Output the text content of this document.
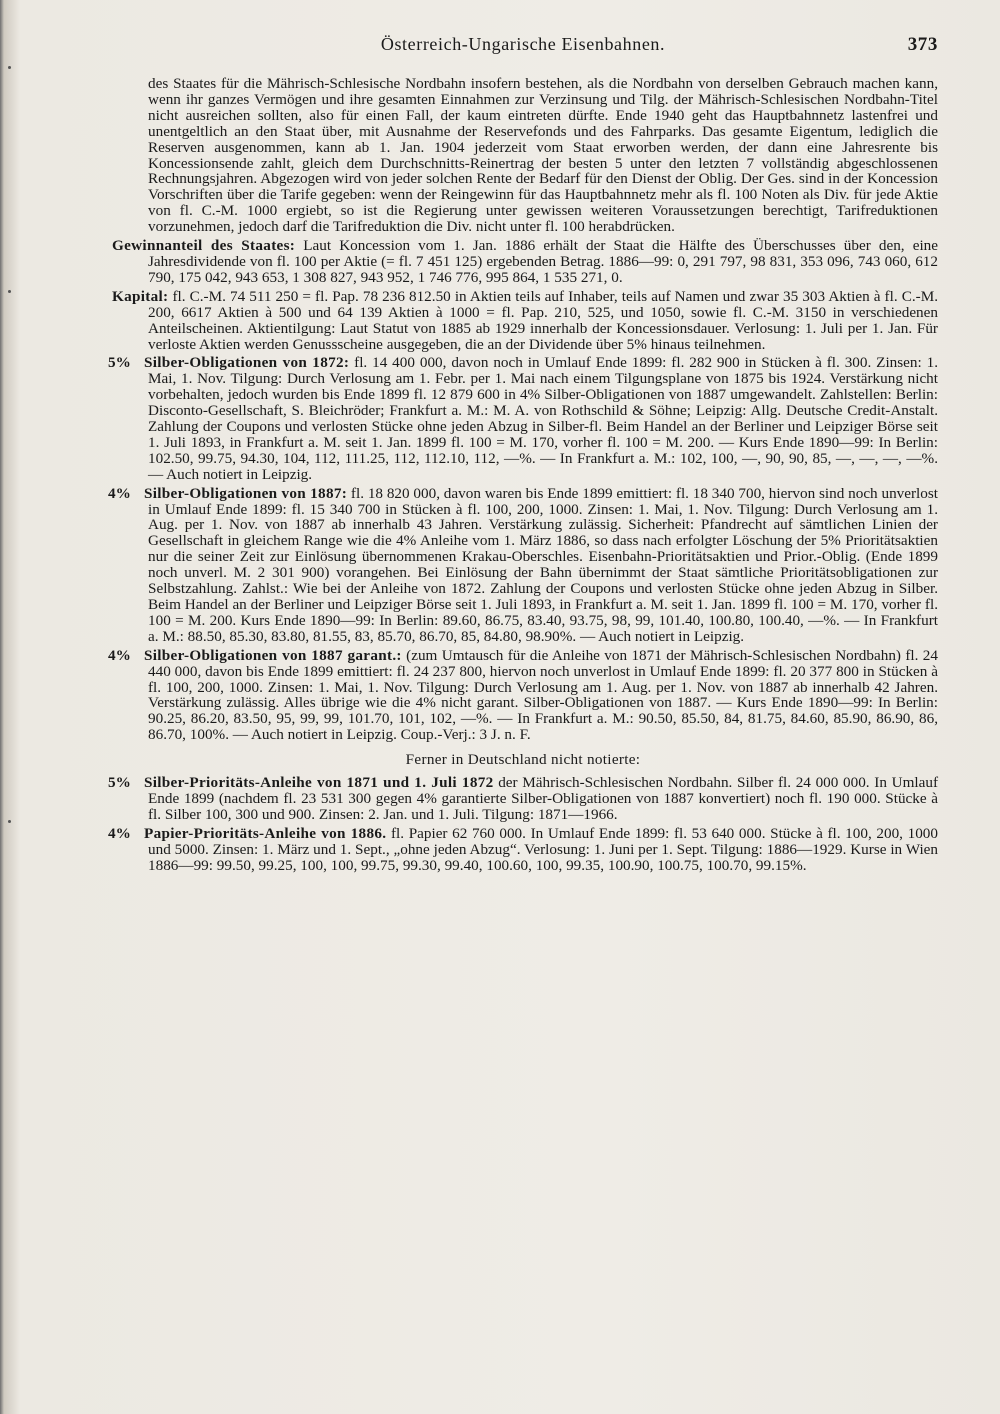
Österreich-Ungarische Eisenbahnen.	373

des Staates für die Mährisch-Schlesische Nordbahn insofern bestehen, als die Nordbahn von derselben Gebrauch machen kann, wenn ihr ganzes Vermögen und ihre gesamten Einnahmen zur Verzinsung und Tilg. der Mährisch-Schlesischen Nordbahn-Titel nicht ausreichen sollten, also für einen Fall, der kaum eintreten dürfte. Ende 1940 geht das Hauptbahnnetz lastenfrei und unentgeltlich an den Staat über, mit Ausnahme der Reservefonds und des Fahrparks. Das gesamte Eigentum, lediglich die Reserven ausgenommen, kann ab 1. Jan. 1904 jederzeit vom Staat erworben werden, der dann eine Jahresrente bis Koncessionsende zahlt, gleich dem Durchschnitts-Reinertrag der besten 5 unter den letzten 7 vollständig abgeschlossenen Rechnungsjahren. Abgezogen wird von jeder solchen Rente der Bedarf für den Dienst der Oblig. Der Ges. sind in der Koncession Vorschriften über die Tarife gegeben: wenn der Reingewinn für das Hauptbahnnetz mehr als fl. 100 Noten als Div. für jede Aktie von fl. C.-M. 1000 ergiebt, so ist die Regierung unter gewissen weiteren Voraussetzungen berechtigt, Tarifreduktionen vorzunehmen, jedoch darf die Tarifreduktion die Div. nicht unter fl. 100 herabdrücken.

Gewinnanteil des Staates: Laut Koncession vom 1. Jan. 1886 erhält der Staat die Hälfte des Überschusses über den, eine Jahresdividende von fl. 100 per Aktie (= fl. 7 451 125) ergebenden Betrag. 1886—99: 0, 291 797, 98 831, 353 096, 743 060, 612 790, 175 042, 943 653, 1 308 827, 943 952, 1 746 776, 995 864, 1 535 271, 0.

Kapital: fl. C.-M. 74 511 250 = fl. Pap. 78 236 812.50 in Aktien teils auf Inhaber, teils auf Namen und zwar 35 303 Aktien à fl. C.-M. 200, 6617 Aktien à 500 und 64 139 Aktien à 1000 = fl. Pap. 210, 525, und 1050, sowie fl. C.-M. 3150 in verschiedenen Anteilscheinen. Aktientilgung: Laut Statut von 1885 ab 1929 innerhalb der Koncessionsdauer. Verlosung: 1. Juli per 1. Jan. Für verloste Aktien werden Genussscheine ausgegeben, die an der Dividende über 5% hinaus teilnehmen.

5% Silber-Obligationen von 1872: fl. 14 400 000, davon noch in Umlauf Ende 1899: fl. 282 900 in Stücken à fl. 300. Zinsen: 1. Mai, 1. Nov. Tilgung: Durch Verlosung am 1. Febr. per 1. Mai nach einem Tilgungsplane von 1875 bis 1924. Verstärkung nicht vorbehalten, jedoch wurden bis Ende 1899 fl. 12 879 600 in 4% Silber-Obligationen von 1887 umgewandelt. Zahlstellen: Berlin: Disconto-Gesellschaft, S. Bleichröder; Frankfurt a. M.: M. A. von Rothschild & Söhne; Leipzig: Allg. Deutsche Credit-Anstalt. Zahlung der Coupons und verlosten Stücke ohne jeden Abzug in Silber-fl. Beim Handel an der Berliner und Leipziger Börse seit 1. Juli 1893, in Frankfurt a. M. seit 1. Jan. 1899 fl. 100 = M. 170, vorher fl. 100 = M. 200. — Kurs Ende 1890—99: In Berlin: 102.50, 99.75, 94.30, 104, 112, 111.25, 112, 112.10, 112, —%. — In Frankfurt a. M.: 102, 100, —, 90, 90, 85, —, —, —, —%. — Auch notiert in Leipzig.

4% Silber-Obligationen von 1887: fl. 18 820 000, davon waren bis Ende 1899 emittiert: fl. 18 340 700, hiervon sind noch unverlost in Umlauf Ende 1899: fl. 15 340 700 in Stücken à fl. 100, 200, 1000. Zinsen: 1. Mai, 1. Nov. Tilgung: Durch Verlosung am 1. Aug. per 1. Nov. von 1887 ab innerhalb 43 Jahren. Verstärkung zulässig. Sicherheit: Pfandrecht auf sämtlichen Linien der Gesellschaft in gleichem Range wie die 4% Anleihe vom 1. März 1886, so dass nach erfolgter Löschung der 5% Prioritätsaktien nur die seiner Zeit zur Einlösung übernommenen Krakau-Oberschles. Eisenbahn-Prioritätsaktien und Prior.-Oblig. (Ende 1899 noch unverl. M. 2 301 900) vorangehen. Bei Einlösung der Bahn übernimmt der Staat sämtliche Prioritätsobligationen zur Selbstzahlung. Zahlst.: Wie bei der Anleihe von 1872. Zahlung der Coupons und verlosten Stücke ohne jeden Abzug in Silber. Beim Handel an der Berliner und Leipziger Börse seit 1. Juli 1893, in Frankfurt a. M. seit 1. Jan. 1899 fl. 100 = M. 170, vorher fl. 100 = M. 200. Kurs Ende 1890—99: In Berlin: 89.60, 86.75, 83.40, 93.75, 98, 99, 101.40, 100.80, 100.40, —%. — In Frankfurt a. M.: 88.50, 85.30, 83.80, 81.55, 83, 85.70, 86.70, 85, 84.80, 98.90%. — Auch notiert in Leipzig.

4% Silber-Obligationen von 1887 garant.: (zum Umtausch für die Anleihe von 1871 der Mährisch-Schlesischen Nordbahn) fl. 24 440 000, davon bis Ende 1899 emittiert: fl. 24 237 800, hiervon noch unverlost in Umlauf Ende 1899: fl. 20 377 800 in Stücken à fl. 100, 200, 1000. Zinsen: 1. Mai, 1. Nov. Tilgung: Durch Verlosung am 1. Aug. per 1. Nov. von 1887 ab innerhalb 42 Jahren. Verstärkung zulässig. Alles übrige wie die 4% nicht garant. Silber-Obligationen von 1887. — Kurs Ende 1890—99: In Berlin: 90.25, 86.20, 83.50, 95, 99, 99, 101.70, 101, 102, —%. — In Frankfurt a. M.: 90.50, 85.50, 84, 81.75, 84.60, 85.90, 86.90, 86, 86.70, 100%. — Auch notiert in Leipzig. Coup.-Verj.: 3 J. n. F.

Ferner in Deutschland nicht notierte:

5% Silber-Prioritäts-Anleihe von 1871 und 1. Juli 1872 der Mährisch-Schlesischen Nordbahn. Silber fl. 24 000 000. In Umlauf Ende 1899 (nachdem fl. 23 531 300 gegen 4% garantierte Silber-Obligationen von 1887 konvertiert) noch fl. 190 000. Stücke à fl. Silber 100, 300 und 900. Zinsen: 2. Jan. und 1. Juli. Tilgung: 1871—1966.

4% Papier-Prioritäts-Anleihe von 1886. fl. Papier 62 760 000. In Umlauf Ende 1899: fl. 53 640 000. Stücke à fl. 100, 200, 1000 und 5000. Zinsen: 1. März und 1. Sept., „ohne jeden Abzug“. Verlosung: 1. Juni per 1. Sept. Tilgung: 1886—1929. Kurse in Wien 1886—99: 99.50, 99.25, 100, 100, 99.75, 99.30, 99.40, 100.60, 100, 99.35, 100.90, 100.75, 100.70, 99.15%.
